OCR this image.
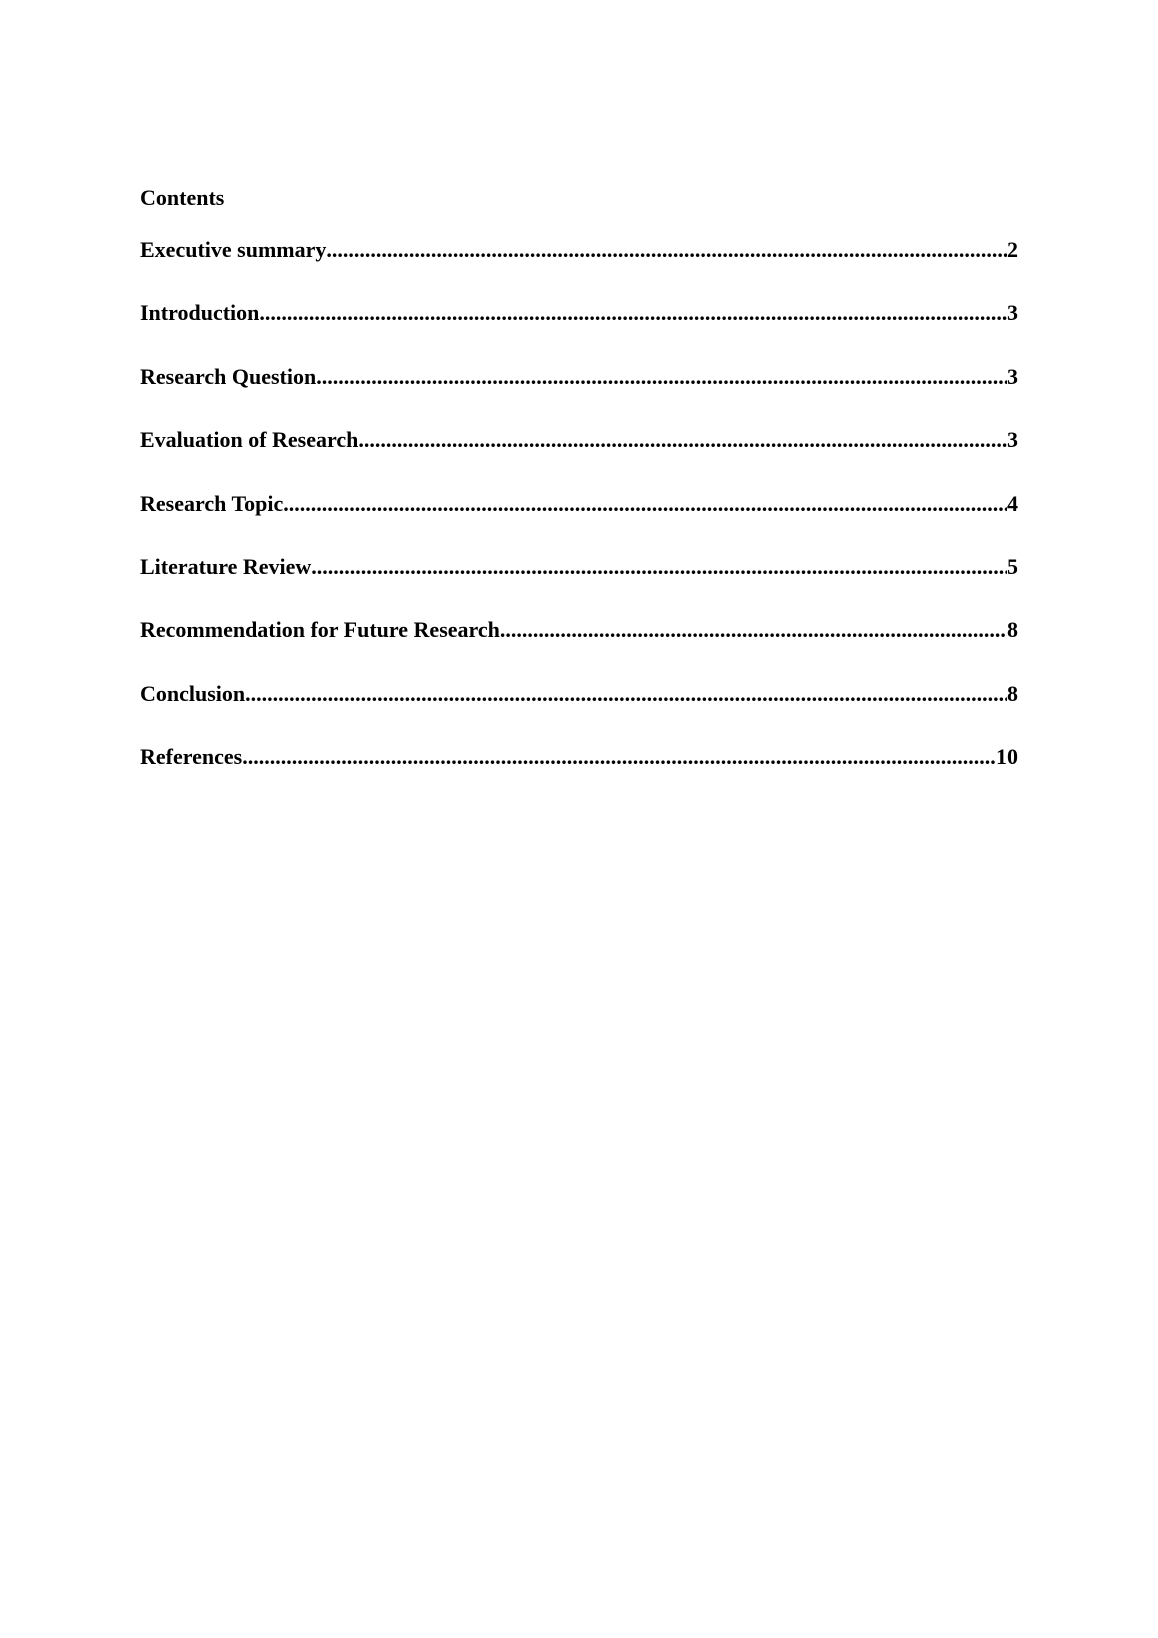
Contents
Executive summary .....	2
Introduction .....	3
Research Question .....	3
Evaluation of Research .....	3
Research Topic .....	4
Literature Review .....	5
Recommendation for Future Research .....	8
Conclusion .....	8
References .....	10
